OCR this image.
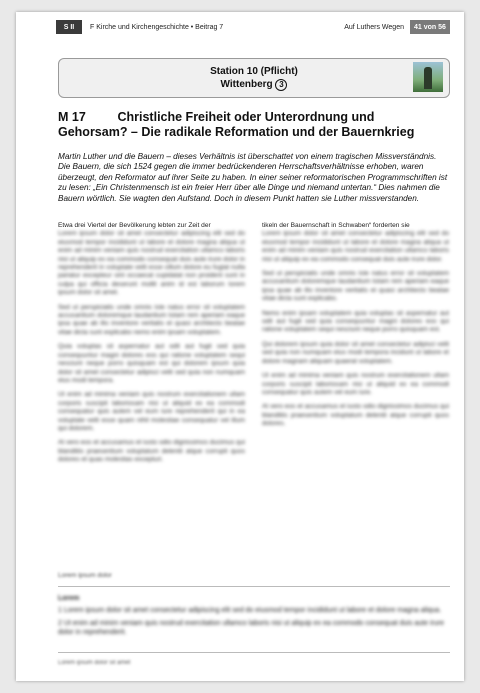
S II	F Kirche und Kirchengeschichte • Beitrag 7	Auf Luthers Wegen	41 von 56
Station 10 (Pflicht)
Wittenberg 3
M 17	Christliche Freiheit oder Unterordnung und
Gehorsam? – Die radikale Reformation und der Bauernkrieg
Martin Luther und die Bauern – dieses Verhältnis ist überschattet von einem tragischen Missverständnis. Die Bauern, die sich 1524 gegen die immer bedrückenderen Herrschaftsverhältnisse erhoben, waren überzeugt, den Reformator auf ihrer Seite zu haben. In einer seiner reformatorischen Programmschriften ist zu lesen: „Ein Christenmensch ist ein freier Herr über alle Dinge und niemand untertan.“ Dies nahmen die Bauern wörtlich. Sie wagten den Aufstand. Doch in diesem Punkt hatten sie Luther missverstanden.
Etwa drei Viertel der Bevölkerung lebten zur Zeit der

Lorem ipsum dolor sit amet consectetur adipiscing elit sed do eiusmod tempor incididunt ut labore et dolore magna aliqua ut enim ad minim veniam quis nostrud exercitation ullamco laboris nisi ut aliquip ex ea commodo consequat duis aute irure dolor in reprehenderit in voluptate velit esse cillum dolore eu fugiat nulla pariatur excepteur sint occaecat cupidatat non proident sunt in culpa qui officia deserunt mollit anim id est laborum lorem ipsum dolor sit amet.

Sed ut perspiciatis unde omnis iste natus error sit voluptatem accusantium doloremque laudantium totam rem aperiam eaque ipsa quae ab illo inventore veritatis et quasi architecto beatae vitae dicta sunt explicabo nemo enim ipsam voluptatem.

Quia voluptas sit aspernatur aut odit aut fugit sed quia consequuntur magni dolores eos qui ratione voluptatem sequi nesciunt neque porro quisquam est qui dolorem ipsum quia dolor sit amet consectetur adipisci velit sed quia non numquam eius modi tempora.

Ut enim ad minima veniam quis nostrum exercitationem ullam corporis suscipit laboriosam nisi ut aliquid ex ea commodi consequatur quis autem vel eum iure reprehenderit qui in ea voluptate velit esse quam nihil molestiae consequatur vel illum qui dolorem.

At vero eos et accusamus et iusto odio dignissimos ducimus qui blanditiis praesentium voluptatum deleniti atque corrupti quos dolores et quas molestias excepturi.

tikeln der Bauernschaft in Schwaben“ forderten sie

Lorem ipsum dolor sit amet consectetur adipiscing elit sed do eiusmod tempor incididunt ut labore et dolore magna aliqua ut enim ad minim veniam quis nostrud exercitation ullamco laboris nisi ut aliquip ex ea commodo consequat duis aute irure dolor.

Sed ut perspiciatis unde omnis iste natus error sit voluptatem accusantium doloremque laudantium totam rem aperiam eaque ipsa quae ab illo inventore veritatis et quasi architecto beatae vitae dicta sunt explicabo.

Nemo enim ipsam voluptatem quia voluptas sit aspernatur aut odit aut fugit sed quia consequuntur magni dolores eos qui ratione voluptatem sequi nesciunt neque porro quisquam est.

Qui dolorem ipsum quia dolor sit amet consectetur adipisci velit sed quia non numquam eius modi tempora incidunt ut labore et dolore magnam aliquam quaerat voluptatem.

Ut enim ad minima veniam quis nostrum exercitationem ullam corporis suscipit laboriosam nisi ut aliquid ex ea commodi consequatur quis autem vel eum iure.

At vero eos et accusamus et iusto odio dignissimos ducimus qui blanditiis praesentium voluptatum deleniti atque corrupti quos dolores.

Lorem ipsum dolor
Lorem
1 Lorem ipsum dolor sit amet consectetur adipiscing elit sed do eiusmod tempor incididunt ut labore et dolore magna aliqua.
2 Ut enim ad minim veniam quis nostrud exercitation ullamco laboris nisi ut aliquip ex ea commodo consequat duis aute irure dolor in reprehenderit.
Lorem ipsum dolor sit amet
